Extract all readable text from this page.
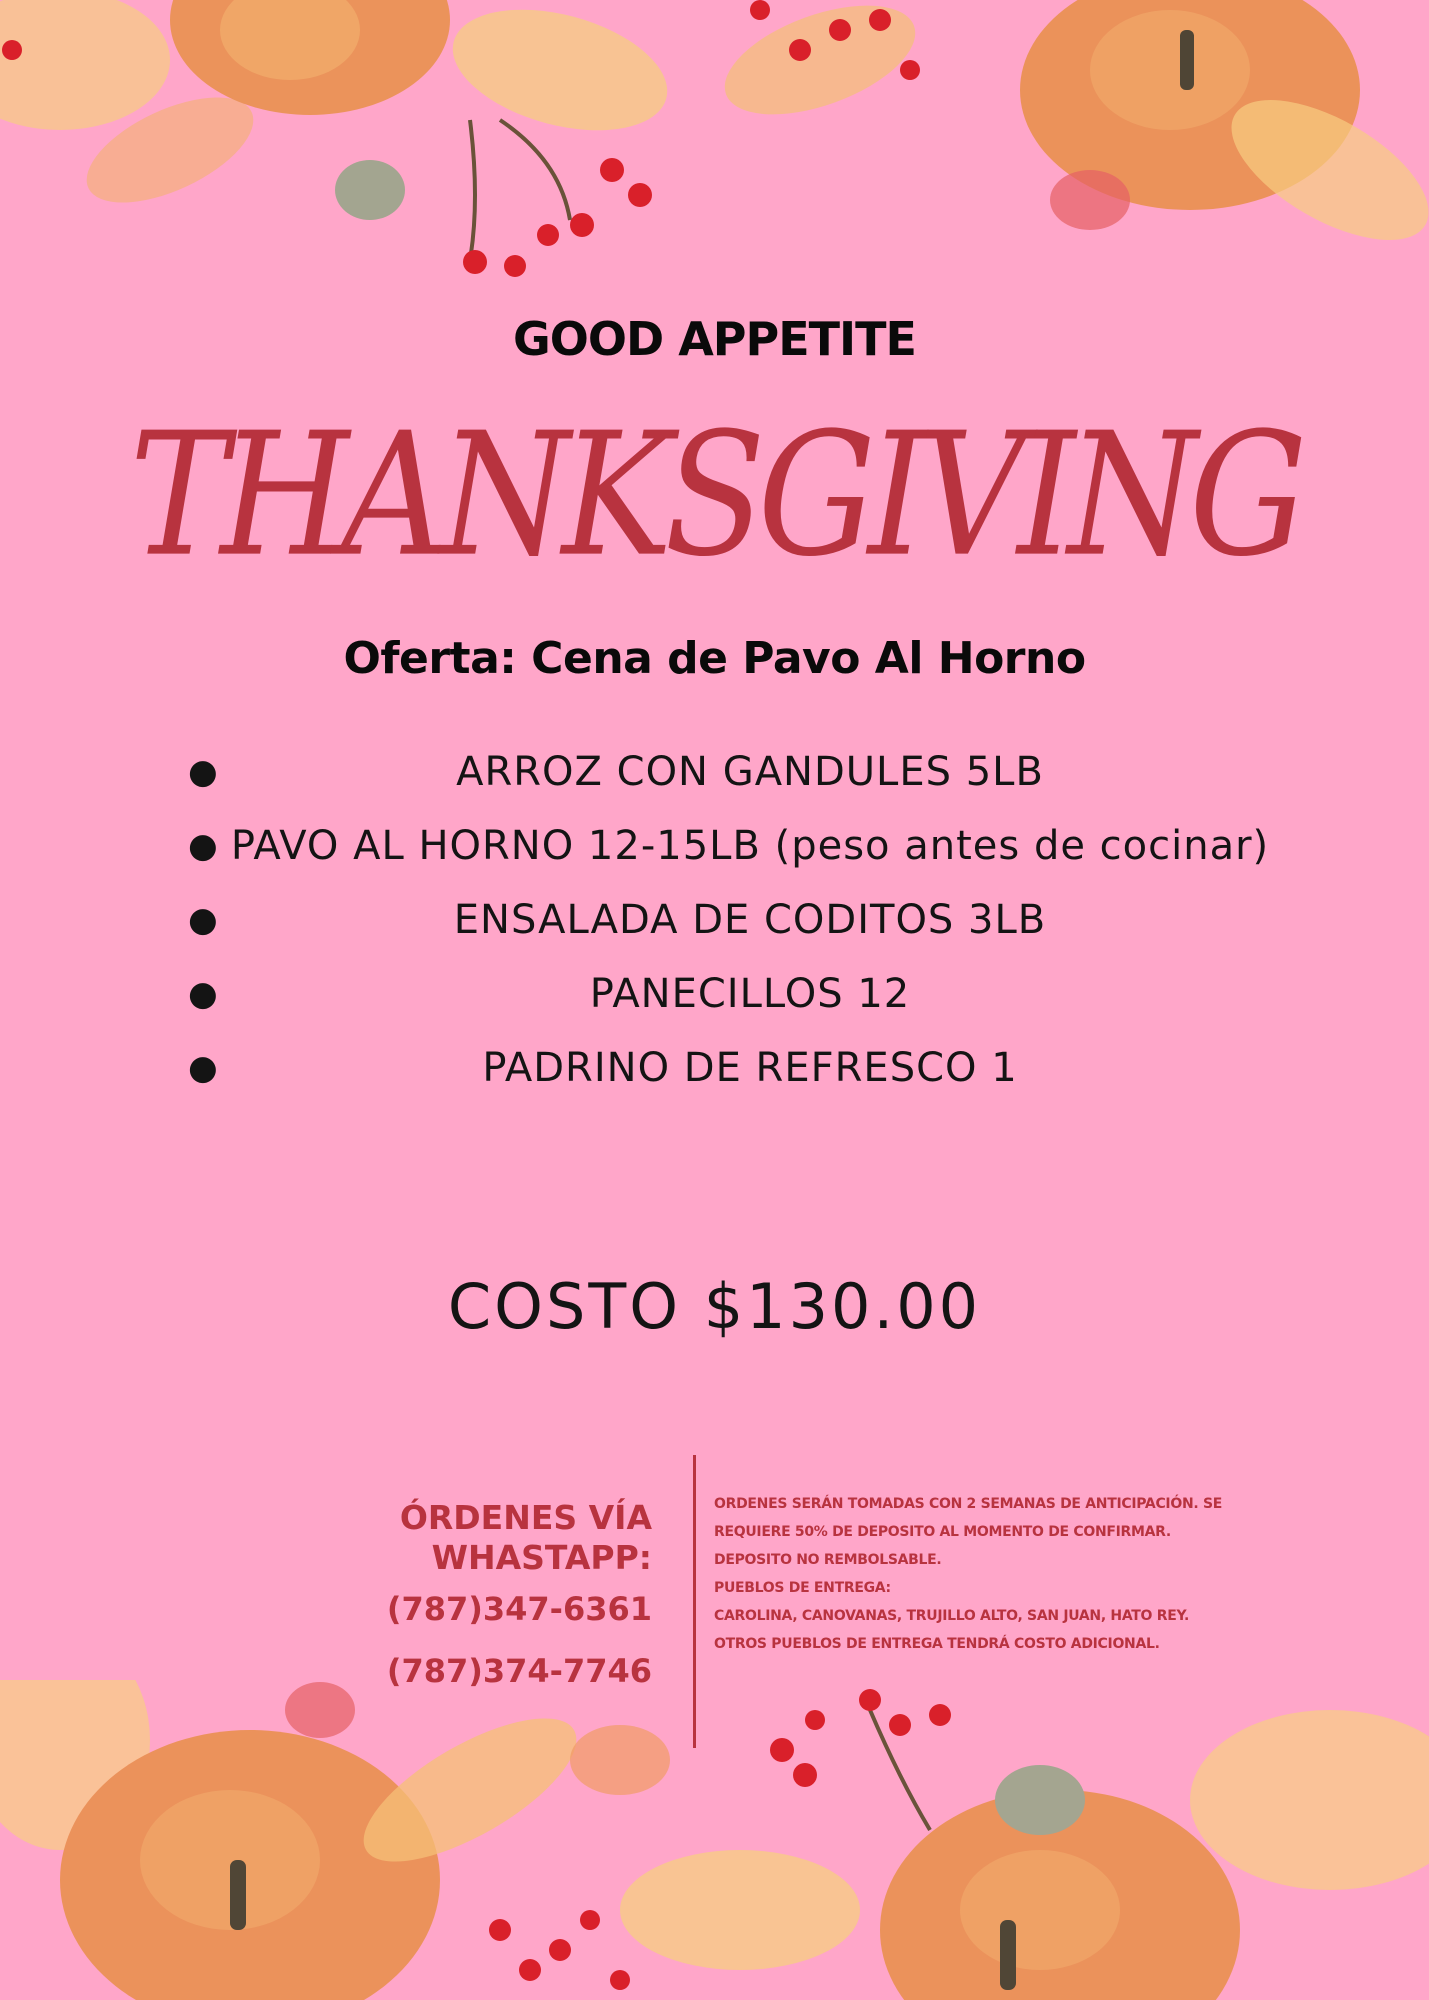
GOOD APPETITE
THANKSGIVING
Oferta: Cena de Pavo Al Horno
●	ARROZ CON GANDULES 5LB
● PAVO AL HORNO 12-15LB (peso antes de cocinar)
●	ENSALADA DE CODITOS 3LB
●	PANECILLOS 12
●	PADRINO DE REFRESCO 1
COSTO $130.00
ÓRDENES VÍA WHASTAPP:
(787)347-6361
(787)374-7746
ORDENES SERÁN TOMADAS CON 2 SEMANAS DE ANTICIPACIÓN. SE
REQUIERE 50% DE DEPOSITO AL MOMENTO DE CONFIRMAR.
DEPOSITO NO REMBOLSABLE.
PUEBLOS DE ENTREGA:
CAROLINA, CANOVANAS, TRUJILLO ALTO, SAN JUAN, HATO REY.
OTROS PUEBLOS DE ENTREGA TENDRÁ COSTO ADICIONAL.
